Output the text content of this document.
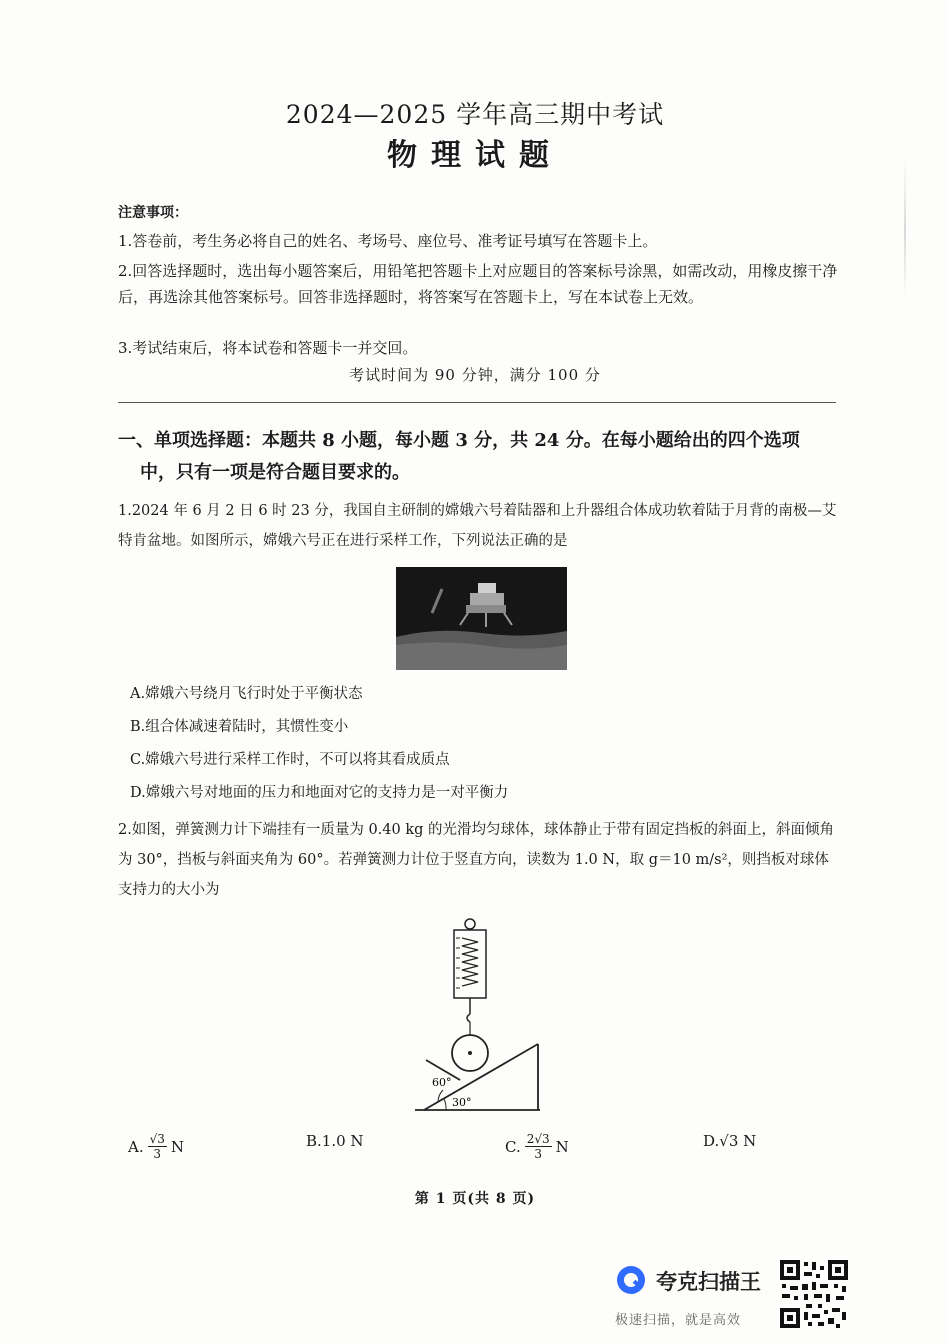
2024—2025 学年高三期中考试
物理试题
注意事项：
1.答卷前，考生务必将自己的姓名、考场号、座位号、准考证号填写在答题卡上。
2.回答选择题时，选出每小题答案后，用铅笔把答题卡上对应题目的答案标号涂黑，如需改动，用橡皮擦干净后，再选涂其他答案标号。回答非选择题时，将答案写在答题卡上，写在本试卷上无效。
3.考试结束后，将本试卷和答题卡一并交回。
考试时间为 90 分钟，满分 100 分
一、单项选择题：本题共 8 小题，每小题 3 分，共 24 分。在每小题给出的四个选项
中，只有一项是符合题目要求的。
1.2024 年 6 月 2 日 6 时 23 分，我国自主研制的嫦娥六号着陆器和上升器组合体成功软着陆于月背的南极—艾特肯盆地。如图所示，嫦娥六号正在进行采样工作，下列说法正确的是
A.嫦娥六号绕月飞行时处于平衡状态
B.组合体减速着陆时，其惯性变小
C.嫦娥六号进行采样工作时，不可以将其看成质点
D.嫦娥六号对地面的压力和地面对它的支持力是一对平衡力
2.如图，弹簧测力计下端挂有一质量为 0.40 kg 的光滑均匀球体，球体静止于带有固定挡板的斜面上，斜面倾角为 30°，挡板与斜面夹角为 60°。若弹簧测力计位于竖直方向，读数为 1.0 N，取 g＝10 m/s²，则挡板对球体支持力的大小为
60°
30°
A. $\frac{√3}{3}$ N	B.1.0 N	C. $\frac{2√3}{3}$ N	D.√3 N
第 1 页(共 8 页)
夸克扫描王
极速扫描，就是高效
